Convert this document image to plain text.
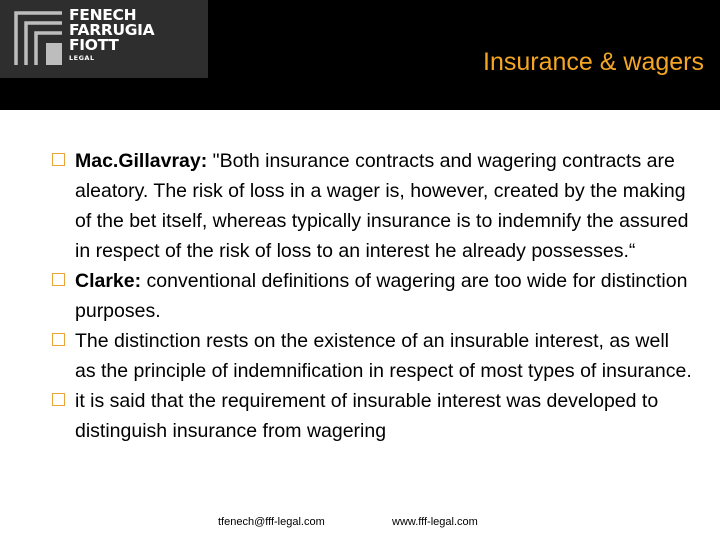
FENECH
FARRUGIA
FIOTT
LEGAL	Insurance & wagers
Mac.Gillavray: "Both insurance contracts and wagering contracts are aleatory. The risk of loss in a wager is, however, created by the making of the bet itself, whereas typically insurance is to indemnify the assured in respect of the risk of loss to an interest he already possesses.“
Clarke: conventional definitions of wagering are too wide for distinction purposes.
The distinction rests on the existence of an insurable interest, as well as the principle of indemnification in respect of most types of insurance.
it is said that the requirement of insurable interest was developed to distinguish insurance from wagering
tfenech@fff-legal.com	www.fff-legal.com
